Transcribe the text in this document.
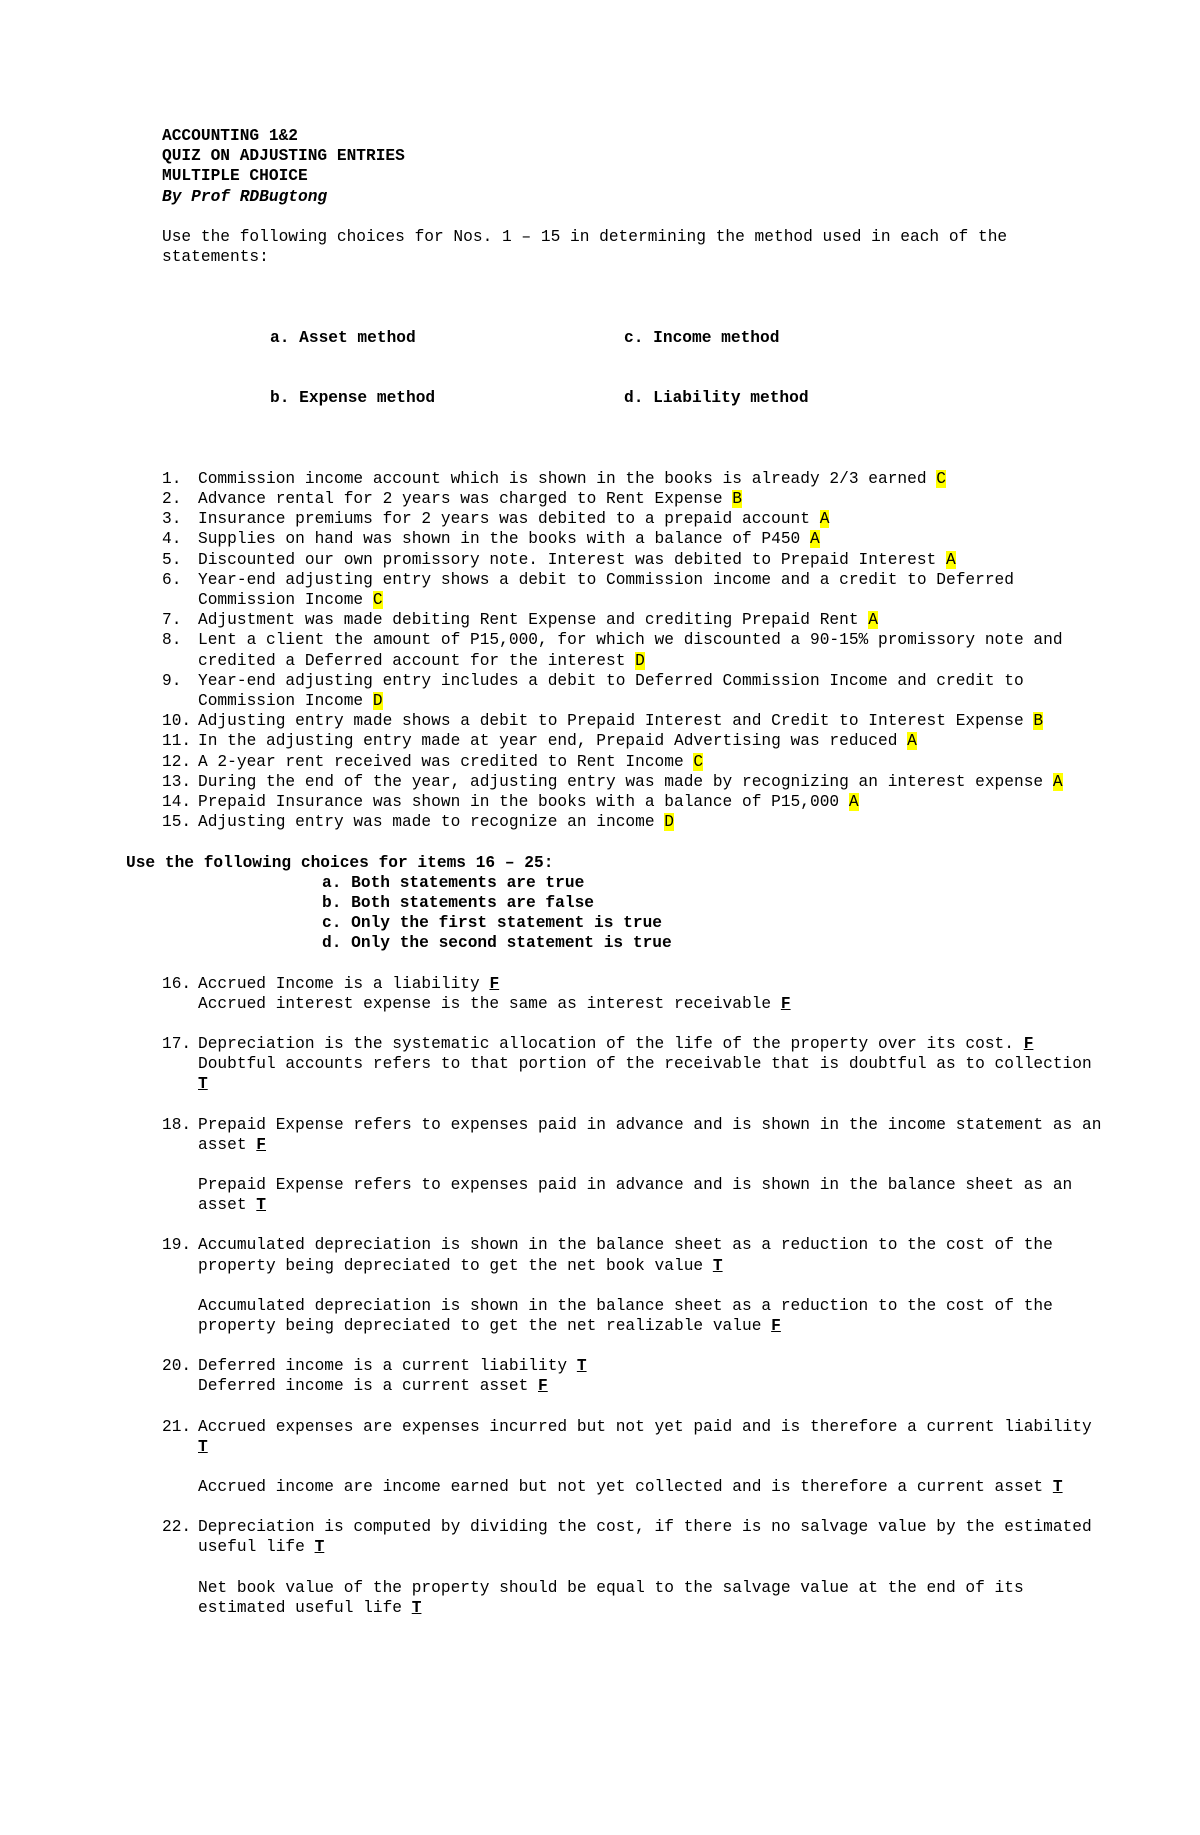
ACCOUNTING 1&2
QUIZ ON ADJUSTING ENTRIES
MULTIPLE CHOICE
By Prof RDBugtong
Use the following choices for Nos. 1 – 15 in determining the method used in each of the statements:

a. Asset method

b. Expense method

c. Income method

d. Liability method

1.	Commission income account which is shown in the books is already 2/3 earned C
2.	Advance rental for 2 years was charged to Rent Expense B
3.	Insurance premiums for 2 years was debited to a prepaid account A
4.	Supplies on hand was shown in the books with a balance of P450 A
5.	Discounted our own promissory note. Interest was debited to Prepaid Interest A
6.	Year-end adjusting entry shows a debit to Commission income and a credit to Deferred Commission Income C
7.	Adjustment was made debiting Rent Expense and crediting Prepaid Rent A
8.	Lent a client the amount of P15,000, for which we discounted a 90-15% promissory note and credited a Deferred account for the interest D
9.	Year-end adjusting entry includes a debit to Deferred Commission Income and credit to Commission Income D
10. Adjusting entry made shows a debit to Prepaid Interest and Credit to Interest Expense B
11. In the adjusting entry made at year end, Prepaid Advertising was reduced A
12. A 2-year rent received was credited to Rent Income C
13. During the end of the year, adjusting entry was made by recognizing an interest expense A
14. Prepaid Insurance was shown in the books with a balance of P15,000 A
15. Adjusting entry was made to recognize an income D
Use the following choices for items 16 – 25:
a. Both statements are true
b. Both statements are false
c. Only the first statement is true
d. Only the second statement is true
16. Accrued Income is a liability F
Accrued interest expense is the same as interest receivable F
17. Depreciation is the systematic allocation of the life of the property over its cost. F
Doubtful accounts refers to that portion of the receivable that is doubtful as to collection T
18. Prepaid Expense refers to expenses paid in advance and is shown in the income statement as an asset F
Prepaid Expense refers to expenses paid in advance and is shown in the balance sheet as an asset T
19. Accumulated depreciation is shown in the balance sheet as a reduction to the cost of the property being depreciated to get the net book value T
Accumulated depreciation is shown in the balance sheet as a reduction to the cost of the property being depreciated to get the net realizable value F
20. Deferred income is a current liability T
Deferred income is a current asset F
21. Accrued expenses are expenses incurred but not yet paid and is therefore a current liability T
Accrued income are income earned but not yet collected and is therefore a current asset T
22. Depreciation is computed by dividing the cost, if there is no salvage value by the estimated useful life T
Net book value of the property should be equal to the salvage value at the end of its estimated useful life T
